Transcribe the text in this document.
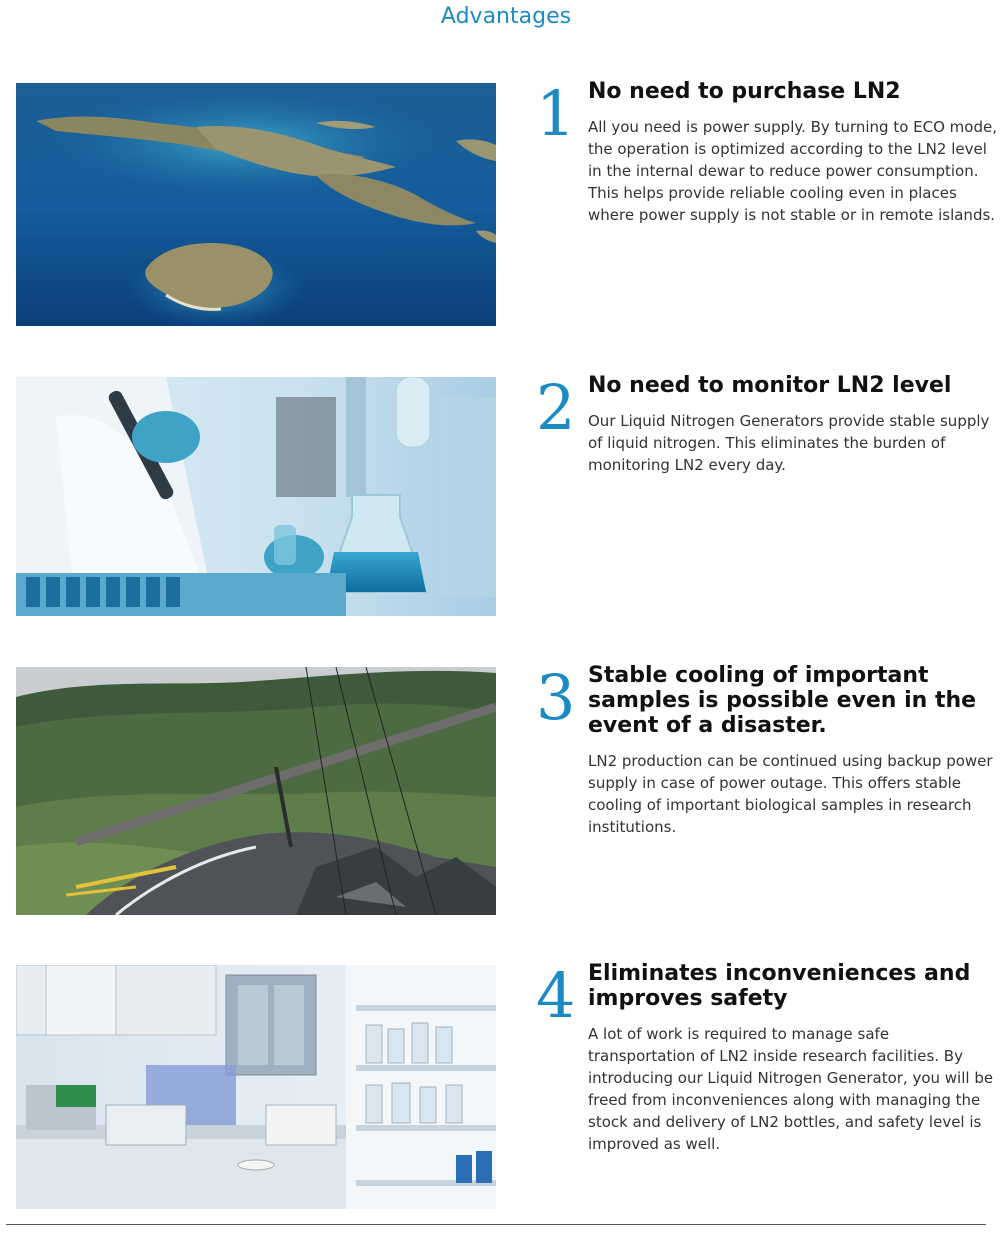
Advantages
1 No need to purchase LN2

All you need is power supply. By turning to ECO mode, the operation is optimized according to the LN2 level in the internal dewar to reduce power consumption. This helps provide reliable cooling even in places where power supply is not stable or in remote islands.

2 No need to monitor LN2 level

Our Liquid Nitrogen Generators provide stable supply of liquid nitrogen. This eliminates the burden of monitoring LN2 every day.

3 Stable cooling of important samples is possible even in the event of a disaster.

LN2 production can be continued using backup power supply in case of power outage. This offers stable cooling of important biological samples in research institutions.

4 Eliminates inconveniences and improves safety

A lot of work is required to manage safe transportation of LN2 inside research facilities. By introducing our Liquid Nitrogen Generator, you will be freed from inconveniences along with managing the stock and delivery of LN2 bottles, and safety level is improved as well.
